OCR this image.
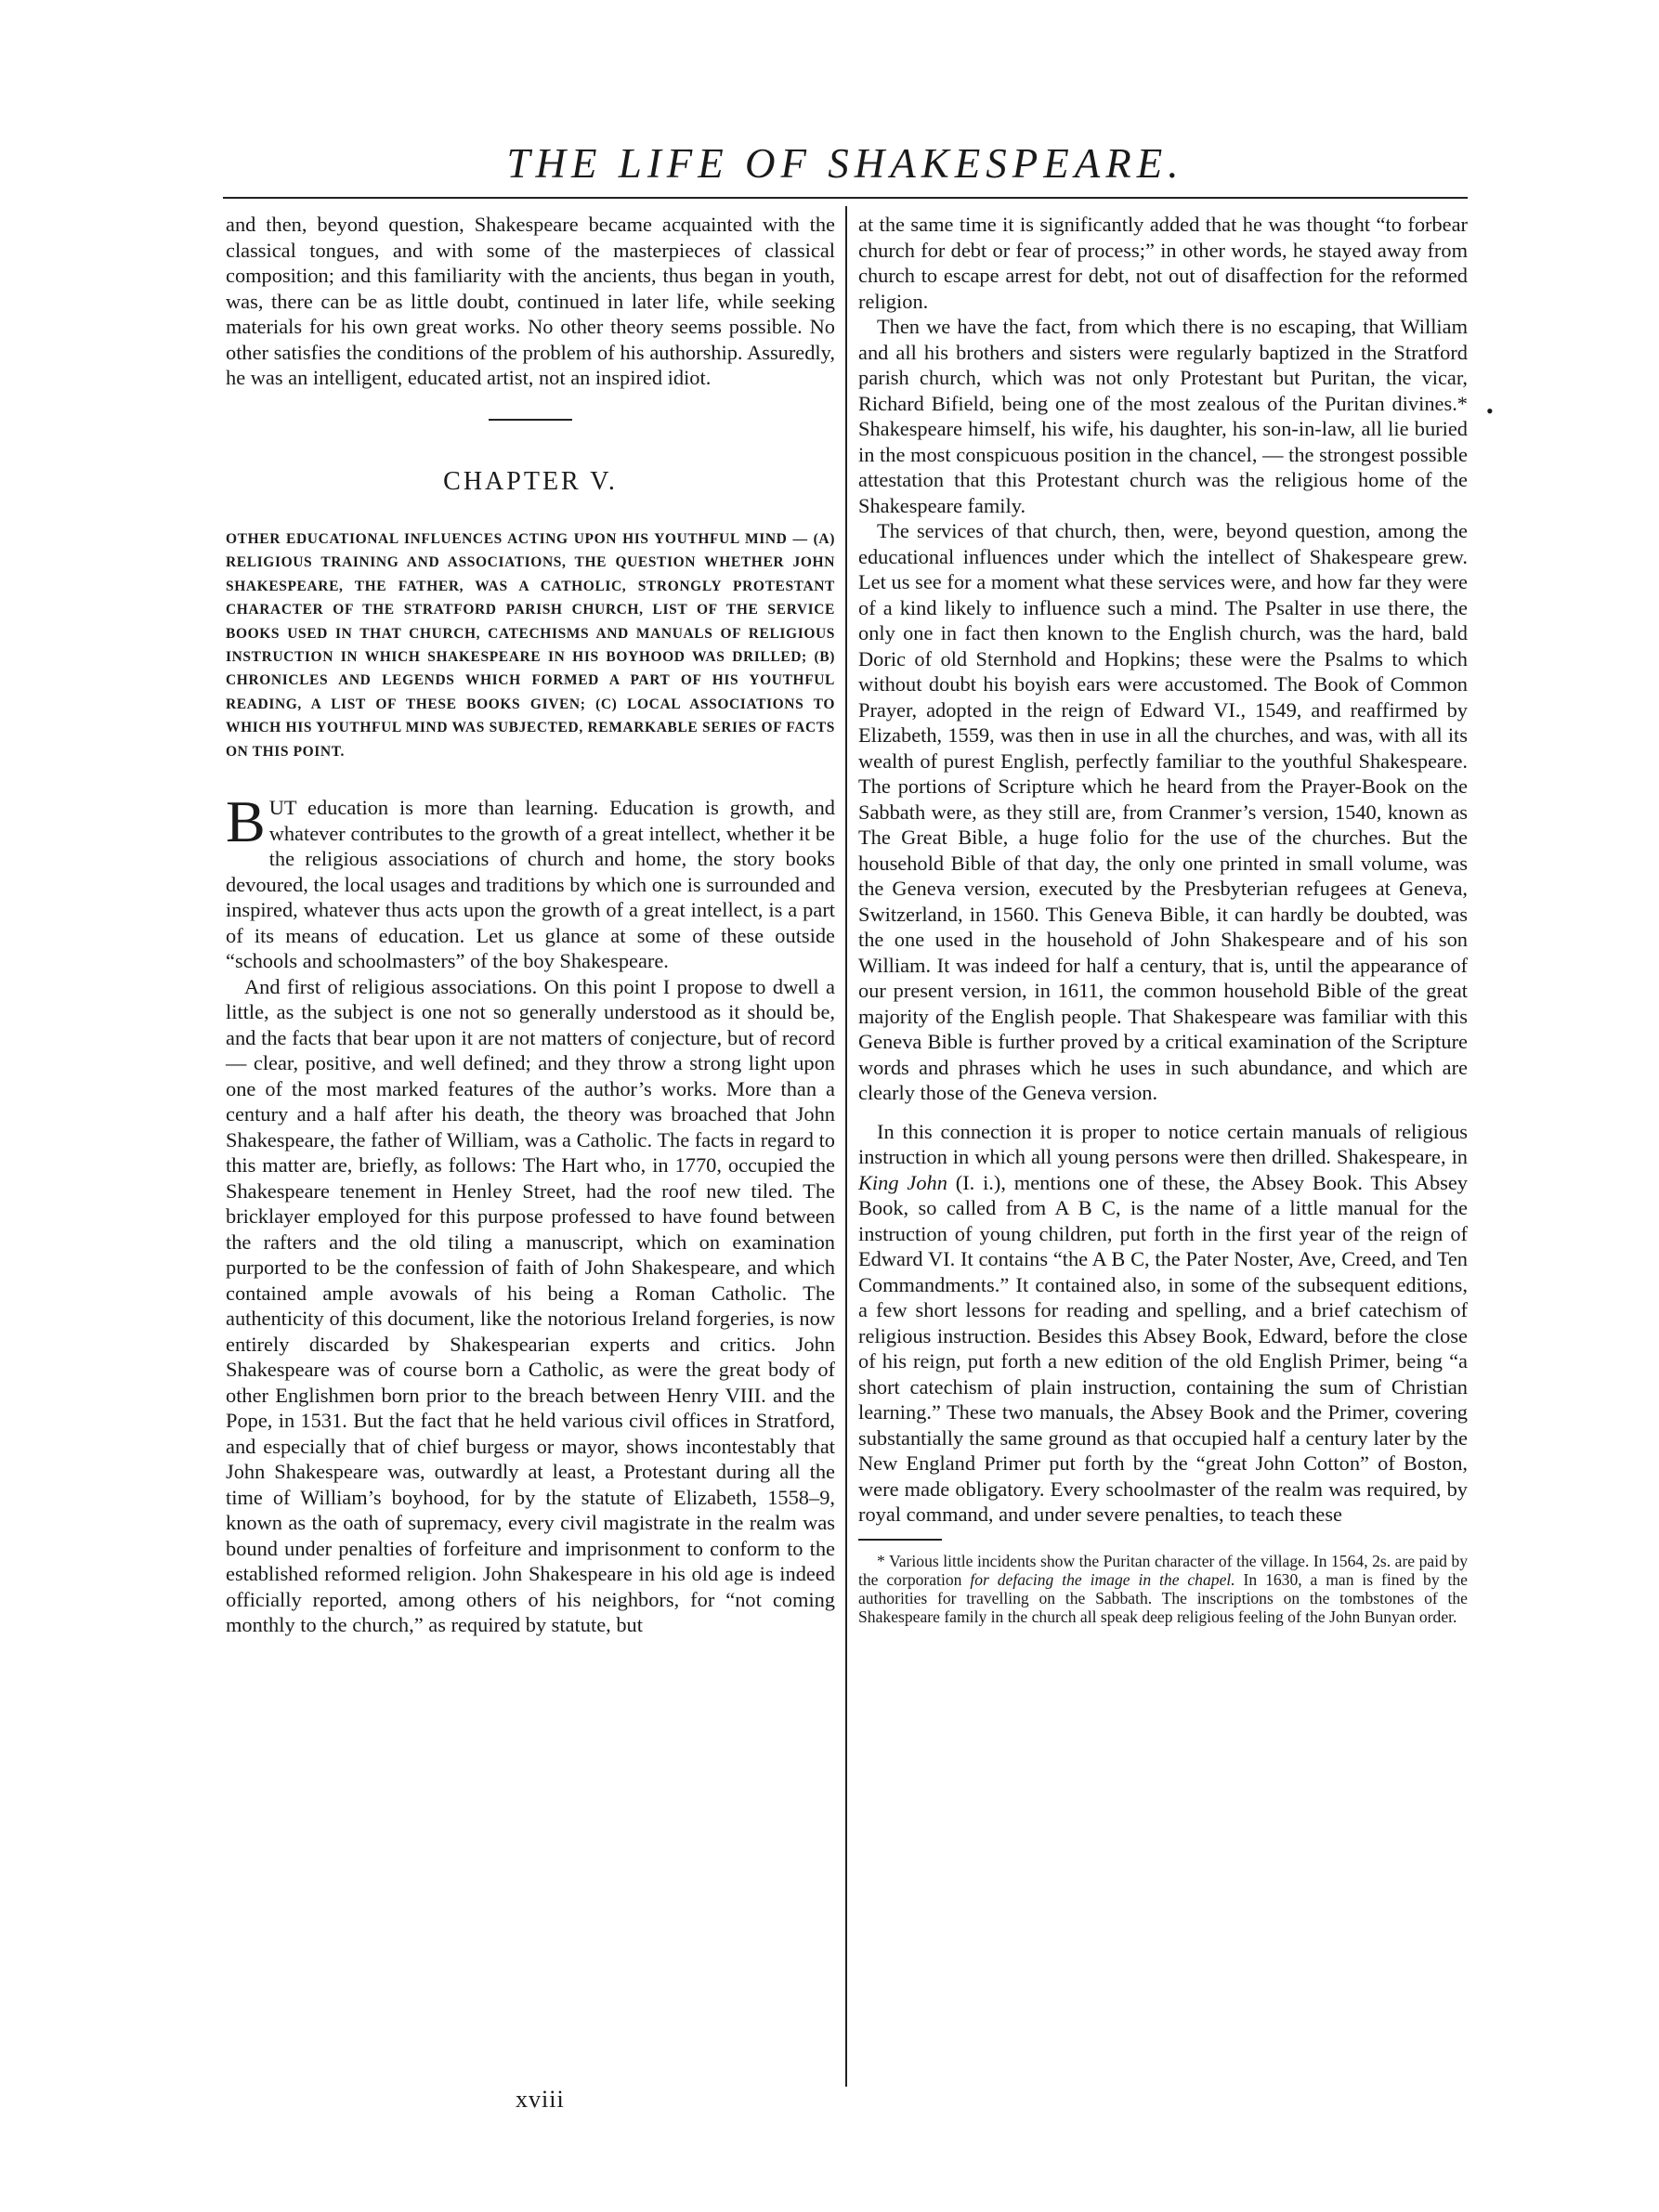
THE LIFE OF SHAKESPEARE.
•

and then, beyond question, Shakespeare became acquainted with the classical tongues, and with some of the masterpieces of classical composition; and this familiarity with the ancients, thus began in youth, was, there can be as little doubt, continued in later life, while seeking materials for his own great works. No other theory seems possible. No other satisfies the conditions of the problem of his authorship. Assuredly, he was an intelligent, educated artist, not an inspired idiot.

CHAPTER V.
OTHER EDUCATIONAL INFLUENCES ACTING UPON HIS YOUTHFUL MIND — (A) RELIGIOUS TRAINING AND ASSOCIATIONS, THE QUESTION WHETHER JOHN SHAKESPEARE, THE FATHER, WAS A CATHOLIC, STRONGLY PROTESTANT CHARACTER OF THE STRATFORD PARISH CHURCH, LIST OF THE SERVICE BOOKS USED IN THAT CHURCH, CATECHISMS AND MANUALS OF RELIGIOUS INSTRUCTION IN WHICH SHAKESPEARE IN HIS BOYHOOD WAS DRILLED; (B) CHRONICLES AND LEGENDS WHICH FORMED A PART OF HIS YOUTHFUL READING, A LIST OF THESE BOOKS GIVEN; (C) LOCAL ASSOCIATIONS TO WHICH HIS YOUTHFUL MIND WAS SUBJECTED, REMARKABLE SERIES OF FACTS ON THIS POINT.

BUT education is more than learning. Education is growth, and whatever contributes to the growth of a great intellect, whether it be the religious associations of church and home, the story books devoured, the local usages and traditions by which one is surrounded and inspired, whatever thus acts upon the growth of a great intellect, is a part of its means of education. Let us glance at some of these outside “schools and schoolmasters” of the boy Shakespeare.

And first of religious associations. On this point I propose to dwell a little, as the subject is one not so generally understood as it should be, and the facts that bear upon it are not matters of conjecture, but of record — clear, positive, and well defined; and they throw a strong light upon one of the most marked features of the author’s works. More than a century and a half after his death, the theory was broached that John Shakespeare, the father of William, was a Catholic. The facts in regard to this matter are, briefly, as follows: The Hart who, in 1770, occupied the Shakespeare tenement in Henley Street, had the roof new tiled. The bricklayer employed for this purpose professed to have found between the rafters and the old tiling a manuscript, which on examination purported to be the confession of faith of John Shakespeare, and which contained ample avowals of his being a Roman Catholic. The authenticity of this document, like the notorious Ireland forgeries, is now entirely discarded by Shakespearian experts and critics. John Shakespeare was of course born a Catholic, as were the great body of other Englishmen born prior to the breach between Henry VIII. and the Pope, in 1531. But the fact that he held various civil offices in Stratford, and especially that of chief burgess or mayor, shows incontestably that John Shakespeare was, outwardly at least, a Protestant during all the time of William’s boyhood, for by the statute of Elizabeth, 1558–9, known as the oath of supremacy, every civil magistrate in the realm was bound under penalties of forfeiture and imprisonment to conform to the established reformed religion. John Shakespeare in his old age is indeed officially reported, among others of his neighbors, for “not coming monthly to the church,” as required by statute, but

at the same time it is significantly added that he was thought “to forbear church for debt or fear of process;” in other words, he stayed away from church to escape arrest for debt, not out of disaffection for the reformed religion.

Then we have the fact, from which there is no escaping, that William and all his brothers and sisters were regularly baptized in the Stratford parish church, which was not only Protestant but Puritan, the vicar, Richard Bifield, being one of the most zealous of the Puritan divines.* Shakespeare himself, his wife, his daughter, his son-in-law, all lie buried in the most conspicuous position in the chancel, — the strongest possible attestation that this Protestant church was the religious home of the Shakespeare family.

The services of that church, then, were, beyond question, among the educational influences under which the intellect of Shakespeare grew. Let us see for a moment what these services were, and how far they were of a kind likely to influence such a mind. The Psalter in use there, the only one in fact then known to the English church, was the hard, bald Doric of old Sternhold and Hopkins; these were the Psalms to which without doubt his boyish ears were accustomed. The Book of Common Prayer, adopted in the reign of Edward VI., 1549, and reaffirmed by Elizabeth, 1559, was then in use in all the churches, and was, with all its wealth of purest English, perfectly familiar to the youthful Shakespeare. The portions of Scripture which he heard from the Prayer-Book on the Sabbath were, as they still are, from Cranmer’s version, 1540, known as The Great Bible, a huge folio for the use of the churches. But the household Bible of that day, the only one printed in small volume, was the Geneva version, executed by the Presbyterian refugees at Geneva, Switzerland, in 1560. This Geneva Bible, it can hardly be doubted, was the one used in the household of John Shakespeare and of his son William. It was indeed for half a century, that is, until the appearance of our present version, in 1611, the common household Bible of the great majority of the English people. That Shakespeare was familiar with this Geneva Bible is further proved by a critical examination of the Scripture words and phrases which he uses in such abundance, and which are clearly those of the Geneva version.

In this connection it is proper to notice certain manuals of religious instruction in which all young persons were then drilled. Shakespeare, in King John (I. i.), mentions one of these, the Absey Book. This Absey Book, so called from A B C, is the name of a little manual for the instruction of young children, put forth in the first year of the reign of Edward VI. It contains “the A B C, the Pater Noster, Ave, Creed, and Ten Commandments.” It contained also, in some of the subsequent editions, a few short lessons for reading and spelling, and a brief catechism of religious instruction. Besides this Absey Book, Edward, before the close of his reign, put forth a new edition of the old English Primer, being “a short catechism of plain instruction, containing the sum of Christian learning.” These two manuals, the Absey Book and the Primer, covering substantially the same ground as that occupied half a century later by the New England Primer put forth by the “great John Cotton” of Boston, were made obligatory. Every schoolmaster of the realm was required, by royal command, and under severe penalties, to teach these

* Various little incidents show the Puritan character of the village. In 1564, 2s. are paid by the corporation for defacing the image in the chapel. In 1630, a man is fined by the authorities for travelling on the Sabbath. The inscriptions on the tombstones of the Shakespeare family in the church all speak deep religious feeling of the John Bunyan order.

xviii
